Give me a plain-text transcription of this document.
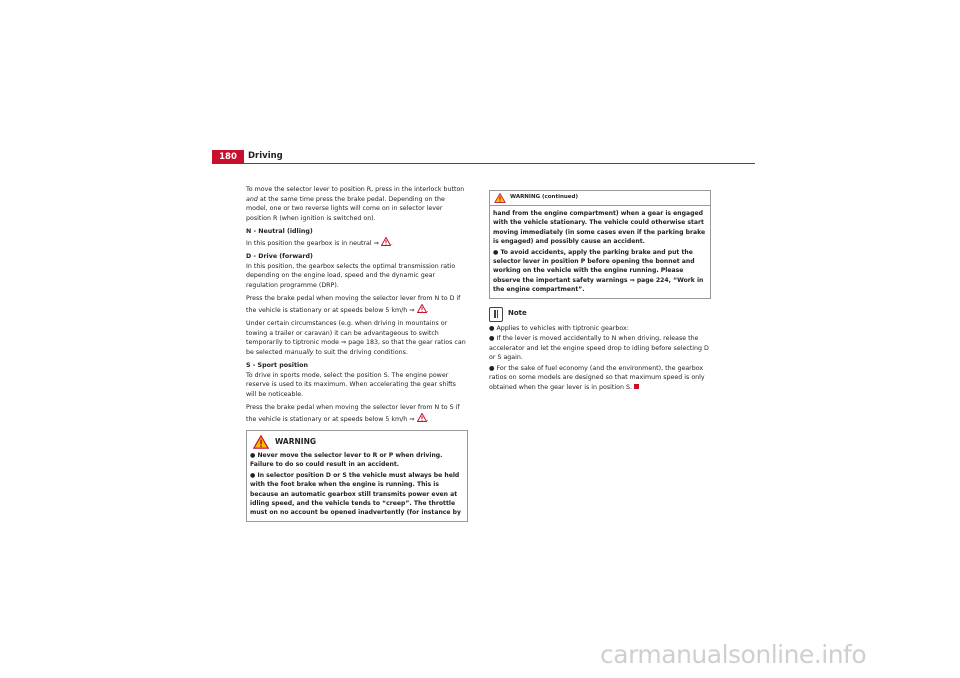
180	Driving

To move the selector lever to position R, press in the interlock button and at the same time press the brake pedal. Depending on the model, one or two reverse lights will come on in selector lever position R (when ignition is switched on).

N - Neutral (idling)

In this position the gearbox is in neutral ⇒ .

D - Drive (forward)

In this position, the gearbox selects the optimal transmission ratio depending on the engine load, speed and the dynamic gear regulation programme (DRP).

Press the brake pedal when moving the selector lever from N to D if the vehicle is stationary or at speeds below 5 km/h ⇒ .

Under certain circumstances (e.g. when driving in mountains or towing a trailer or caravan) it can be advantageous to switch temporarily to tiptronic mode ⇒ page 183, so that the gear ratios can be selected manually to suit the driving conditions.

S - Sport position

To drive in sports mode, select the position S. The engine power reserve is used to its maximum. When accelerating the gear shifts will be noticeable.

Press the brake pedal when moving the selector lever from N to S if the vehicle is stationary or at speeds below 5 km/h ⇒ .

WARNING
● Never move the selector lever to R or P when driving. Failure to do so could result in an accident.
● In selector position D or S the vehicle must always be held with the foot brake when the engine is running. This is because an automatic gearbox still transmits power even at idling speed, and the vehicle tends to “creep”. The throttle must on no account be opened inadvertently (for instance by
WARNING (continued)
hand from the engine compartment) when a gear is engaged with the vehicle stationary. The vehicle could otherwise start moving immediately (in some cases even if the parking brake is engaged) and possibly cause an accident.
● To avoid accidents, apply the parking brake and put the selector lever in position P before opening the bonnet and working on the vehicle with the engine running. Please observe the important safety warnings ⇒ page 224, “Work in the engine compartment”.
Note
● Applies to vehicles with tiptronic gearbox:
● If the lever is moved accidentally to N when driving, release the accelerator and let the engine speed drop to idling before selecting D or S again.
● For the sake of fuel economy (and the environment), the gearbox ratios on some models are designed so that maximum speed is only obtained when the gear lever is in position S.
carmanualsonline.info
